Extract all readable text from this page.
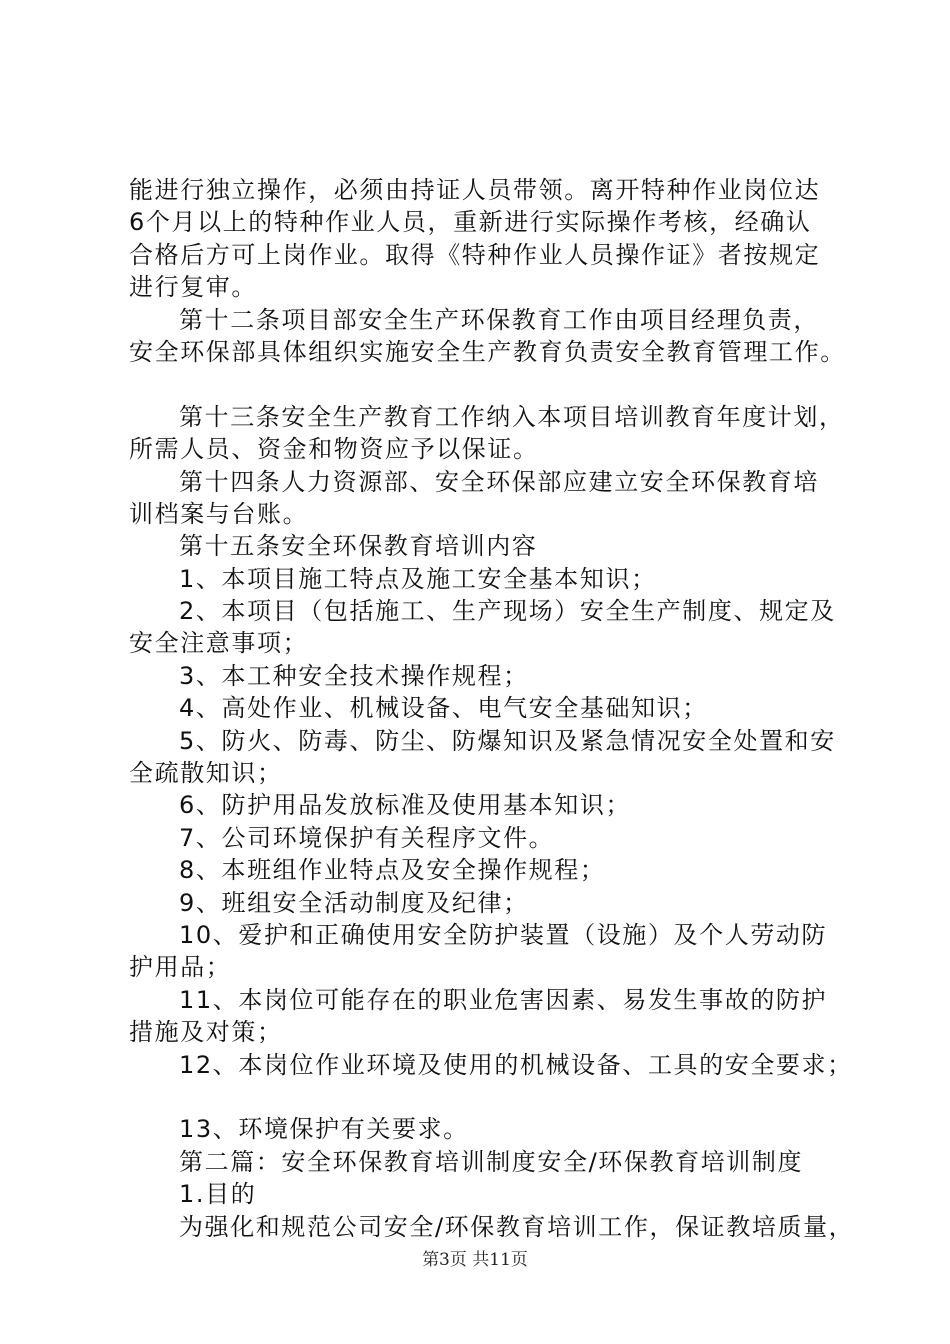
能进行独立操作，必须由持证人员带领。离开特种作业岗位达
6个月以上的特种作业人员，重新进行实际操作考核，经确认
合格后方可上岗作业。取得《特种作业人员操作证》者按规定
进行复审。
第十二条项目部安全生产环保教育工作由项目经理负责，
安全环保部具体组织实施安全生产教育负责安全教育管理工作。
第十三条安全生产教育工作纳入本项目培训教育年度计划，
所需人员、资金和物资应予以保证。
第十四条人力资源部、安全环保部应建立安全环保教育培
训档案与台账。
第十五条安全环保教育培训内容
1、本项目施工特点及施工安全基本知识；
2、本项目（包括施工、生产现场）安全生产制度、规定及
安全注意事项；
3、本工种安全技术操作规程；
4、高处作业、机械设备、电气安全基础知识；
5、防火、防毒、防尘、防爆知识及紧急情况安全处置和安
全疏散知识；
6、防护用品发放标准及使用基本知识；
7、公司环境保护有关程序文件。
8、本班组作业特点及安全操作规程；
9、班组安全活动制度及纪律；
10、爱护和正确使用安全防护装置（设施）及个人劳动防
护用品；
11、本岗位可能存在的职业危害因素、易发生事故的防护
措施及对策；
12、本岗位作业环境及使用的机械设备、工具的安全要求；
13、环境保护有关要求。
第二篇：安全环保教育培训制度安全/环保教育培训制度
1.目的
为强化和规范公司安全/环保教育培训工作，保证教培质量，
第3页 共11页
